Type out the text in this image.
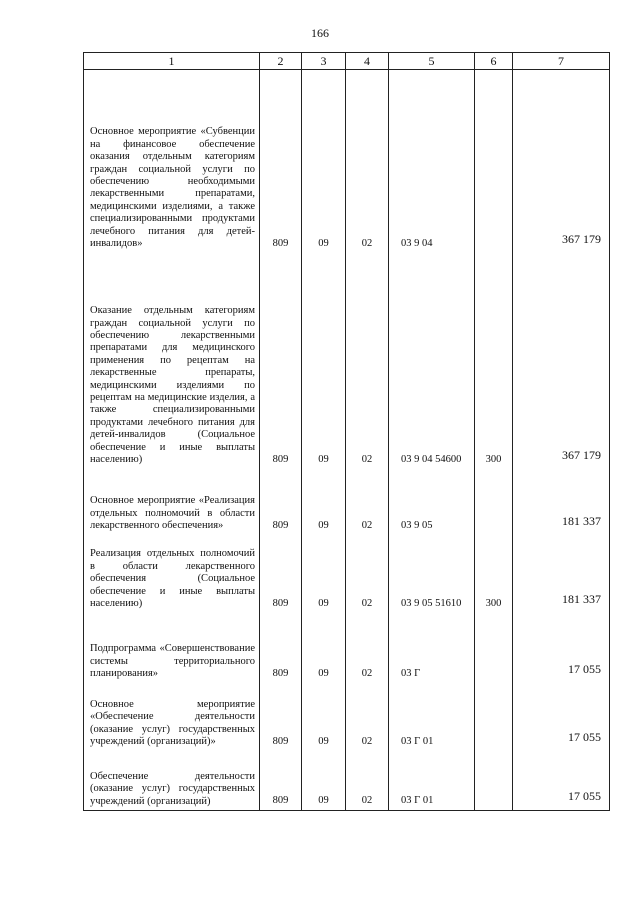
166
1	2	3	4	5	6	7
Основное мероприятие «Субвенции на финансовое обеспечение оказания отдельным категориям граждан социальной услуги по обеспечению необходимыми лекарственными препаратами, медицинскими изделиями, а также специализированными продуктами лечебного питания для детей-инвалидов»	809	09	02	03 9 04		367 179
Оказание отдельным категориям граждан социальной услуги по обеспечению лекарственными препаратами для медицинского применения по рецептам на лекарственные препараты, медицинскими изделиями по рецептам на медицинские изделия, а также специализированными продуктами лечебного питания для детей-инвалидов (Социальное обеспечение и иные выплаты населению)	809	09	02	03 9 04 54600	300	367 179
Основное мероприятие «Реализация отдельных полномочий в области лекарственного обеспечения»	809	09	02	03 9 05		181 337
Реализация отдельных полномочий в области лекарственного обеспечения (Социальное обеспечение и иные выплаты населению)	809	09	02	03 9 05 51610	300	181 337
Подпрограмма «Совершенствование системы территориального планирования»	809	09	02	03 Г		17 055
Основное мероприятие «Обеспечение деятельности (оказание услуг) государственных учреждений (организаций)»	809	09	02	03 Г 01		17 055
Обеспечение деятельности (оказание услуг) государственных учреждений (организаций)	809	09	02	03 Г 01		17 055
